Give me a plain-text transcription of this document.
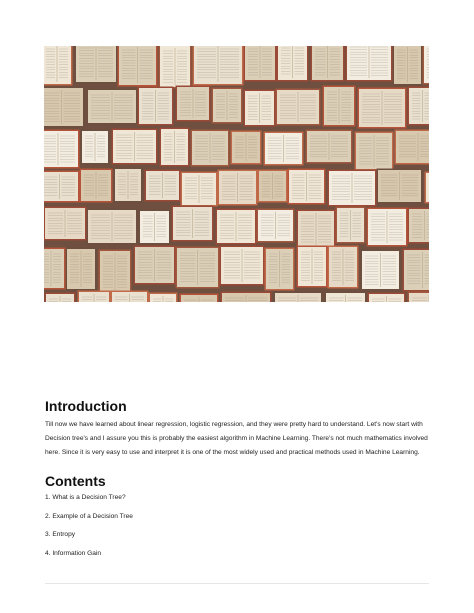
Introduction

Till now we have learned about linear regression, logistic regression, and they were pretty hard to understand. Let's now start with Decision tree's and I assure you this is probably the easiest algorithm in Machine Learning. There's not much mathematics involved here. Since it is very easy to use and interpret it is one of the most widely used and practical methods used in Machine Learning.

Contents
1. What is a Decision Tree?
2. Example of a Decision Tree
3. Entropy
4. Information Gain
